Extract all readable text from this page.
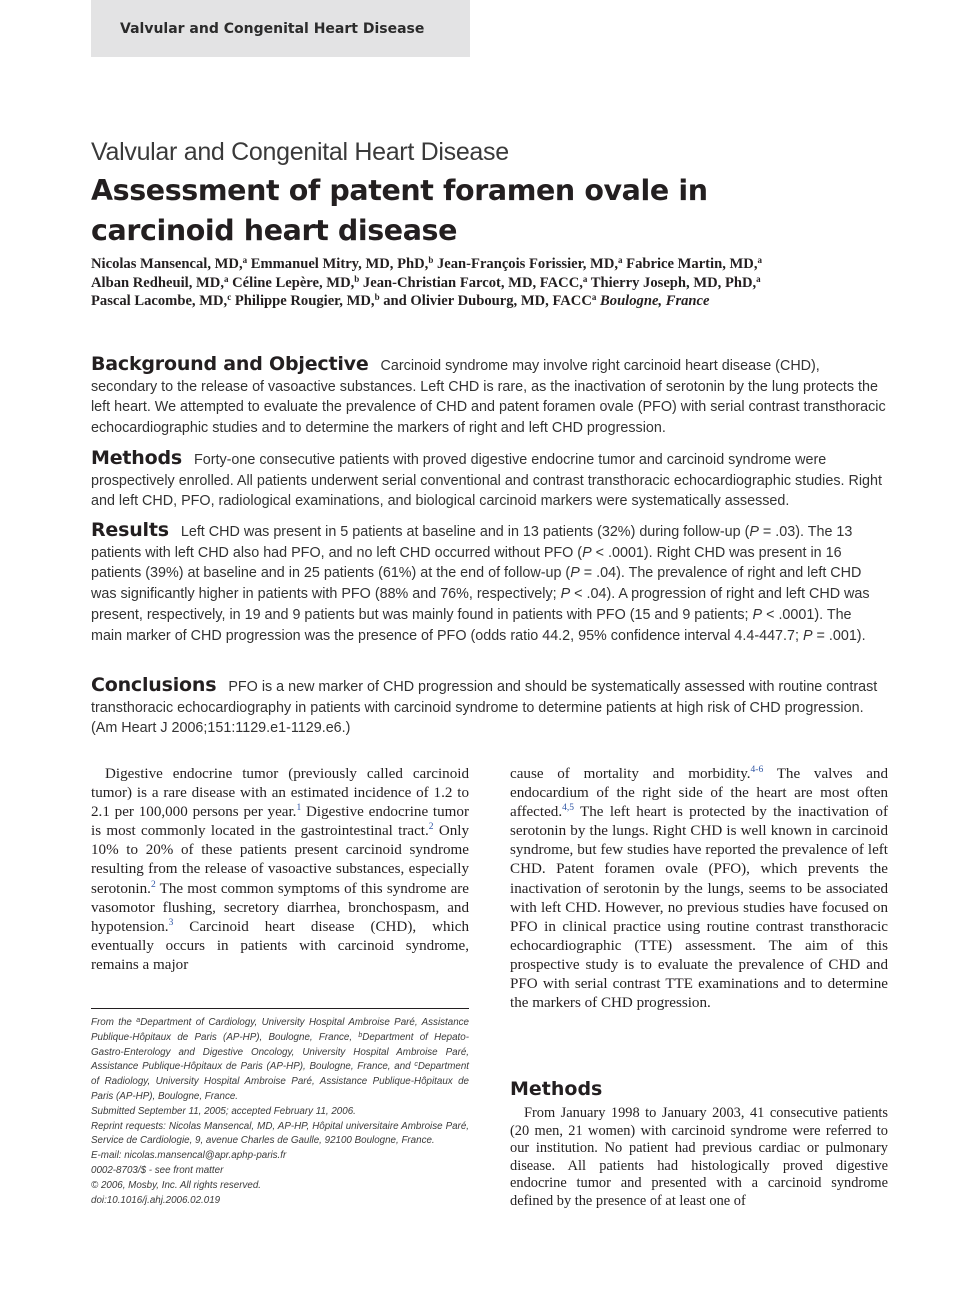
Valvular and Congenital Heart Disease
Valvular and Congenital Heart Disease
Assessment of patent foramen ovale in carcinoid heart disease

Nicolas Mansencal, MD,$^a$ Emmanuel Mitry, MD, PhD,$^b$ Jean-François Forissier, MD,$^a$ Fabrice Martin, MD,$^a$
Alban Redheuil, MD,$^a$ Céline Lepère, MD,$^b$ Jean-Christian Farcot, MD, FACC,$^a$ Thierry Joseph, MD, PhD,$^a$
Pascal Lacombe, MD,$^c$ Philippe Rougier, MD,$^b$ and Olivier Dubourg, MD, FACC$^a$ Boulogne, France

Background and Objective Carcinoid syndrome may involve right carcinoid heart disease (CHD), secondary to the release of vasoactive substances. Left CHD is rare, as the inactivation of serotonin by the lung protects the left heart. We attempted to evaluate the prevalence of CHD and patent foramen ovale (PFO) with serial contrast transthoracic echocardiographic studies and to determine the markers of right and left CHD progression.

Methods Forty-one consecutive patients with proved digestive endocrine tumor and carcinoid syndrome were prospectively enrolled. All patients underwent serial conventional and contrast transthoracic echocardiographic studies. Right and left CHD, PFO, radiological examinations, and biological carcinoid markers were systematically assessed.

Results Left CHD was present in 5 patients at baseline and in 13 patients (32%) during follow-up (P = .03). The 13 patients with left CHD also had PFO, and no left CHD occurred without PFO (P < .0001). Right CHD was present in 16 patients (39%) at baseline and in 25 patients (61%) at the end of follow-up (P = .04). The prevalence of right and left CHD was significantly higher in patients with PFO (88% and 76%, respectively; P < .04). A progression of right and left CHD was present, respectively, in 19 and 9 patients but was mainly found in patients with PFO (15 and 9 patients; P < .0001). The main marker of CHD progression was the presence of PFO (odds ratio 44.2, 95% confidence interval 4.4-447.7; P = .001).

Conclusions PFO is a new marker of CHD progression and should be systematically assessed with routine contrast transthoracic echocardiography in patients with carcinoid syndrome to determine patients at high risk of CHD progression. (Am Heart J 2006;151:1129.e1-1129.e6.)

Digestive endocrine tumor (previously called carcinoid tumor) is a rare disease with an estimated incidence of 1.2 to 2.1 per 100,000 persons per year.$^1$ Digestive endocrine tumor is most commonly located in the gastrointestinal tract.$^2$ Only 10% to 20% of these patients present carcinoid syndrome resulting from the release of vasoactive substances, especially serotonin.$^2$ The most common symptoms of this syndrome are vasomotor flushing, secretory diarrhea, bronchospasm, and hypotension.$^3$ Carcinoid heart disease (CHD), which eventually occurs in patients with carcinoid syndrome, remains a major

cause of mortality and morbidity.$^{4-6}$ The valves and endocardium of the right side of the heart are most often affected.$^{4,5}$ The left heart is protected by the inactivation of serotonin by the lungs. Right CHD is well known in carcinoid syndrome, but few studies have reported the prevalence of left CHD. Patent foramen ovale (PFO), which prevents the inactivation of serotonin by the lungs, seems to be associated with left CHD. However, no previous studies have focused on PFO in clinical practice using routine contrast transthoracic echocardiographic (TTE) assessment. The aim of this prospective study is to evaluate the prevalence of CHD and PFO with serial contrast TTE examinations and to determine the markers of CHD progression.

From the $^a$Department of Cardiology, University Hospital Ambroise Paré, Assistance Publique-Hôpitaux de Paris (AP-HP), Boulogne, France, $^b$Department of Hepato-Gastro-Enterology and Digestive Oncology, University Hospital Ambroise Paré, Assistance Publique-Hôpitaux de Paris (AP-HP), Boulogne, France, and $^c$Department of Radiology, University Hospital Ambroise Paré, Assistance Publique-Hôpitaux de Paris (AP-HP), Boulogne, France.

Submitted September 11, 2005; accepted February 11, 2006.

Reprint requests: Nicolas Mansencal, MD, AP-HP, Hôpital universitaire Ambroise Paré, Service de Cardiologie, 9, avenue Charles de Gaulle, 92100 Boulogne, France.

E-mail: nicolas.mansencal@apr.aphp-paris.fr

0002-8703/$ - see front matter

© 2006, Mosby, Inc. All rights reserved.

doi:10.1016/j.ahj.2006.02.019

Methods

From January 1998 to January 2003, 41 consecutive patients (20 men, 21 women) with carcinoid syndrome were referred to our institution. No patient had previous cardiac or pulmonary disease. All patients had histologically proved digestive endocrine tumor and presented with a carcinoid syndrome defined by the presence of at least one of
